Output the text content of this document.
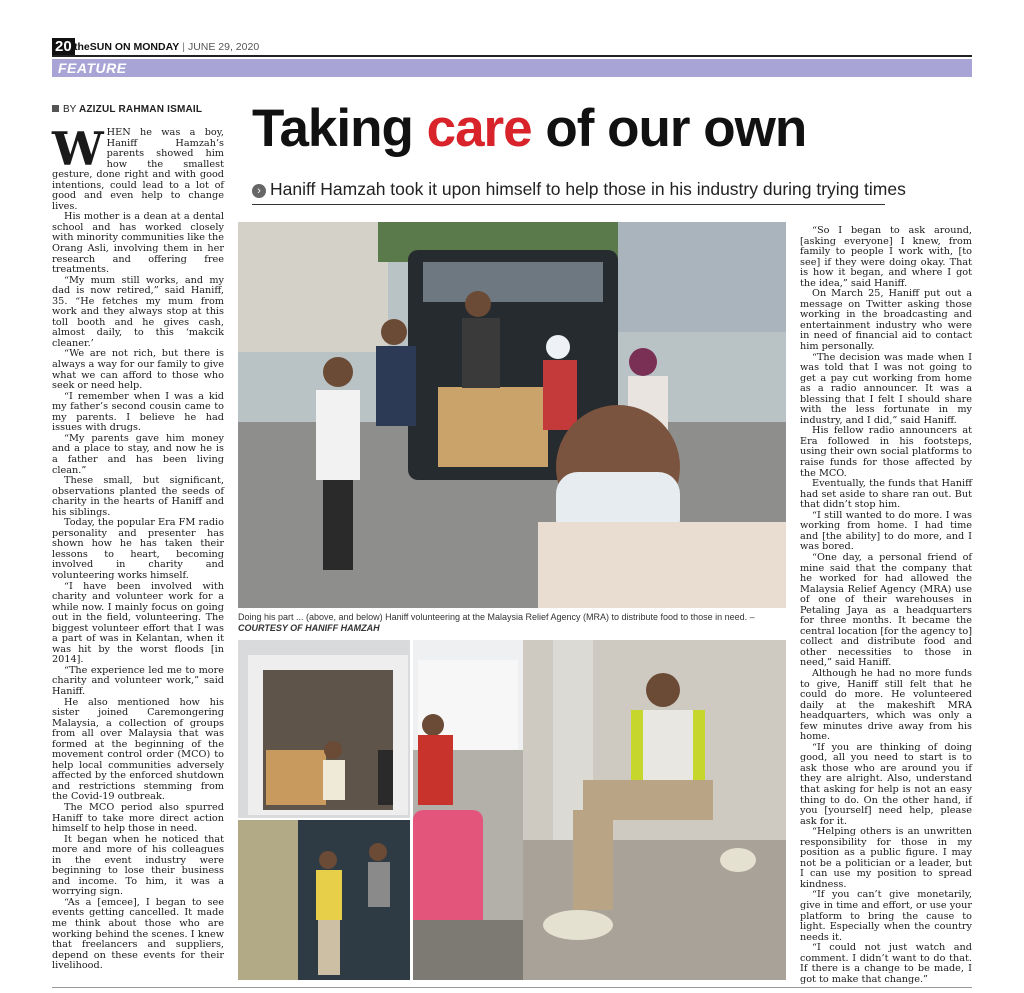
20 theSUN ON MONDAY | JUNE 29, 2020
FEATURE
BY AZIZUL RAHMAN ISMAIL Taking care of our own
› Haniff Hamzah took it upon himself to help those in his industry during trying times

WHEN he was a boy, Haniff Hamzah’s parents showed him how the smallest gesture, done right and with good intentions, could lead to a lot of good and even help to change lives.

His mother is a dean at a dental school and has worked closely with minority communities like the Orang Asli, involving them in her research and offering free treatments.

“My mum still works, and my dad is now retired,” said Haniff, 35. “He fetches my mum from work and they always stop at this toll booth and he gives cash, almost daily, to this ‘makcik cleaner.’

“We are not rich, but there is always a way for our family to give what we can afford to those who seek or need help.

“I remember when I was a kid my father’s second cousin came to my parents. I believe he had issues with drugs.

“My parents gave him money and a place to stay, and now he is a father and has been living clean.”

These small, but significant, observations planted the seeds of charity in the hearts of Haniff and his siblings.

Today, the popular Era FM radio personality and presenter has shown how he has taken their lessons to heart, becoming involved in charity and volunteering works himself.

“I have been involved with charity and volunteer work for a while now. I mainly focus on going out in the field, volunteering. The biggest volunteer effort that I was a part of was in Kelantan, when it was hit by the worst floods [in 2014].

“The experience led me to more charity and volunteer work,” said Haniff.

He also mentioned how his sister joined Caremongering Malaysia, a collection of groups from all over Malaysia that was formed at the beginning of the movement control order (MCO) to help local communities adversely affected by the enforced shutdown and restrictions stemming from the Covid-19 outbreak.

The MCO period also spurred Haniff to take more direct action himself to help those in need.

It began when he noticed that more and more of his colleagues in the event industry were beginning to lose their business and income. To him, it was a worrying sign.

“As a [emcee], I began to see events getting cancelled. It made me think about those who are working behind the scenes. I knew that freelancers and suppliers, depend on these events for their livelihood.

“So I began to ask around, [asking everyone] I knew, from family to people I work with, [to see] if they were doing okay. That is how it began, and where I got the idea,” said Haniff.

On March 25, Haniff put out a message on Twitter asking those working in the broadcasting and entertainment industry who were in need of financial aid to contact him personally.

“The decision was made when I was told that I was not going to get a pay cut working from home as a radio announcer. It was a blessing that I felt I should share with the less fortunate in my industry, and I did,” said Haniff.

His fellow radio announcers at Era followed in his footsteps, using their own social platforms to raise funds for those affected by the MCO.

Eventually, the funds that Haniff had set aside to share ran out. But that didn’t stop him.

“I still wanted to do more. I was working from home. I had time and [the ability] to do more, and I was bored.

“One day, a personal friend of mine said that the company that he worked for had allowed the Malaysia Relief Agency (MRA) use of one of their warehouses in Petaling Jaya as a headquarters for three months. It became the central location [for the agency to] collect and distribute food and other necessities to those in need,” said Haniff.

Although he had no more funds to give, Haniff still felt that he could do more. He volunteered daily at the makeshift MRA headquarters, which was only a few minutes drive away from his home.

“If you are thinking of doing good, all you need to start is to ask those who are around you if they are alright. Also, understand that asking for help is not an easy thing to do. On the other hand, if you [yourself] need help, please ask for it.

“Helping others is an unwritten responsibility for those in my position as a public figure. I may not be a politician or a leader, but I can use my position to spread kindness.

“If you can’t give monetarily, give in time and effort, or use your platform to bring the cause to light. Especially when the country needs it.

“I could not just watch and comment. I didn’t want to do that. If there is a change to be made, I got to make that change.”

Doing his part ... (above, and below) Haniff volunteering at the Malaysia Relief Agency (MRA) to distribute food to those in need. – COURTESY OF HANIFF HAMZAH
